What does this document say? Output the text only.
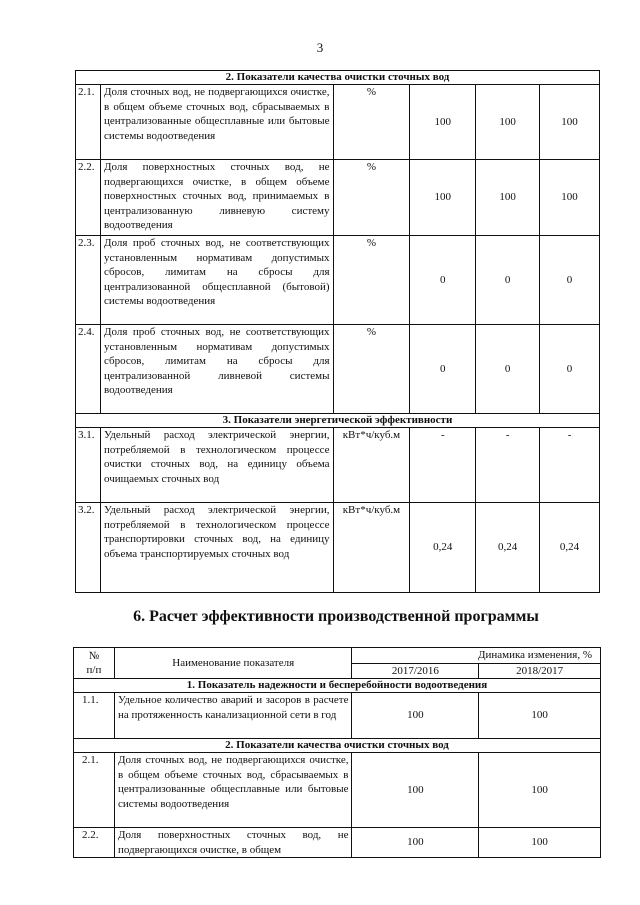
3
2. Показатели качества очистки сточных вод					
2.1.	Доля сточных вод, не подвергающихся очистке, в общем объеме сточных вод, сбрасываемых в централизованные общесплавные или бытовые системы водоотведения	%	100	100	100
2.2.	Доля поверхностных сточных вод, не подвергающихся очистке, в общем объеме поверхностных сточных вод, принимаемых в централизованную ливневую систему водоотведения	%	100	100	100
2.3.	Доля проб сточных вод, не соответствующих установленным нормативам допустимых сбросов, лимитам на сбросы для централизованной общесплавной (бытовой) системы водоотведения	%	0	0	0
2.4.	Доля проб сточных вод, не соответствующих установленным нормативам допустимых сбросов, лимитам на сбросы для централизованной ливневой системы водоотведения	%	0	0	0
3. Показатели энергетической эффективности					
3.1.	Удельный расход электрической энергии, потребляемой в технологическом процессе очистки сточных вод, на единицу объема очищаемых сточных вод	кВт*ч/куб.м	-	-	-
3.2.	Удельный расход электрической энергии, потребляемой в технологическом процессе транспортировки сточных вод, на единицу объема транспортируемых сточных вод	кВт*ч/куб.м	0,24	0,24	0,24
6. Расчет эффективности производственной программы
№
п/п	Наименование показателя	Динамика изменения, %	
		2017/2016	2018/2017
1. Показатель надежности и бесперебойности водоотведения			
1.1.	Удельное количество аварий и засоров в расчете на протяженность канализационной сети в год	100	100
2. Показатели качества очистки сточных вод			
2.1.	Доля сточных вод, не подвергающихся очистке, в общем объеме сточных вод, сбрасываемых в централизованные общесплавные или бытовые системы водоотведения	100	100
2.2.	Доля поверхностных сточных вод, не подвергающихся очистке, в общем	100	100
